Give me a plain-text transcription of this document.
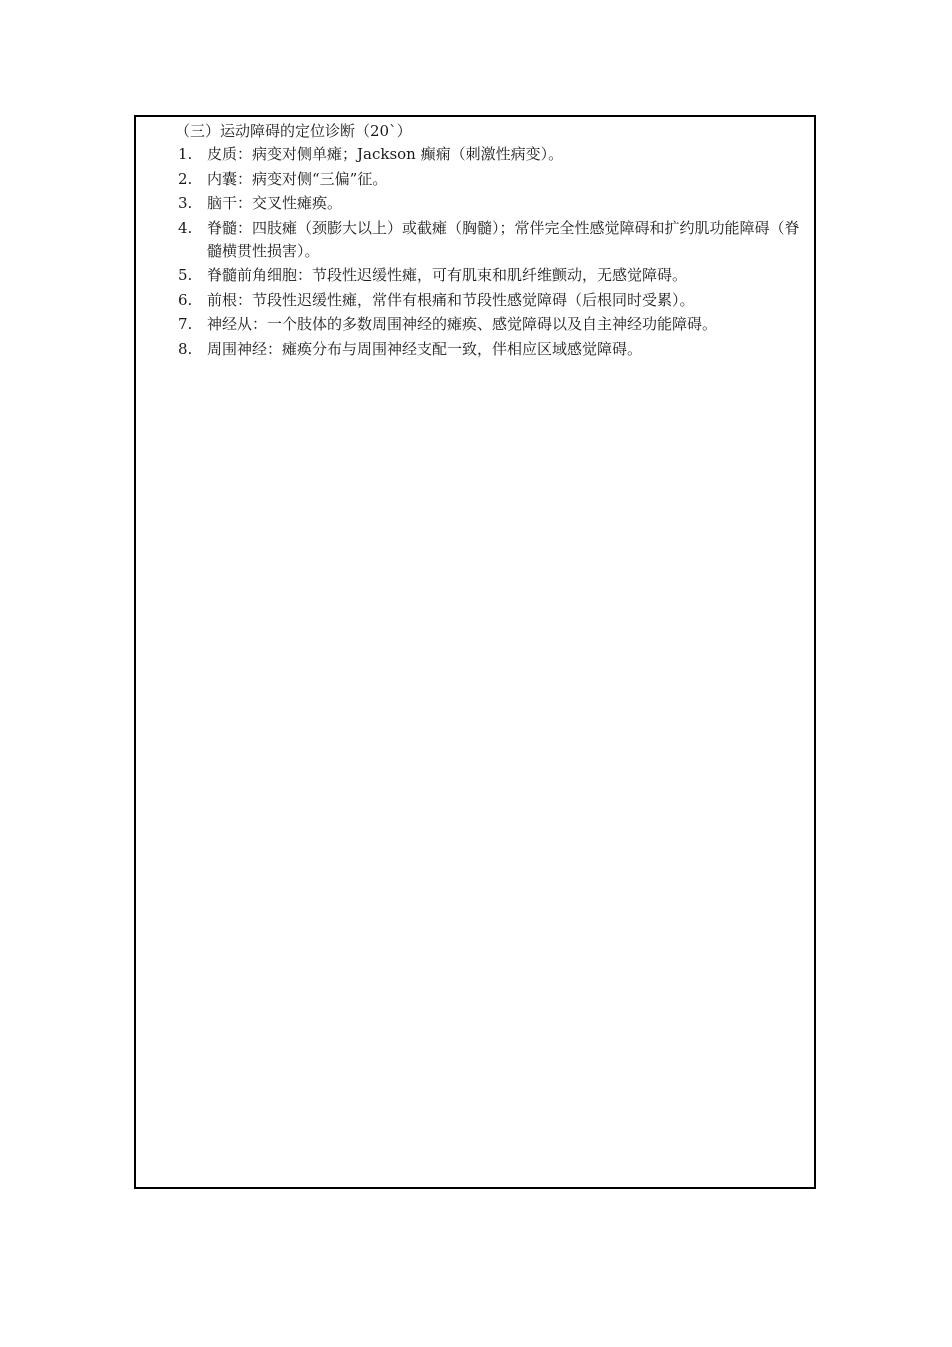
（三）运动障碍的定位诊断（20`）
1. 皮质：病变对侧单瘫；Jackson 癫痫（刺激性病变）。
2. 内囊：病变对侧“三偏”征。
3. 脑干：交叉性瘫痪。
4. 脊髓：四肢瘫（颈膨大以上）或截瘫（胸髓）；常伴完全性感觉障碍和扩约肌功能障碍（脊髓横贯性损害）。
5. 脊髓前角细胞：节段性迟缓性瘫，可有肌束和肌纤维颤动，无感觉障碍。
6. 前根：节段性迟缓性瘫，常伴有根痛和节段性感觉障碍（后根同时受累）。
7. 神经从：一个肢体的多数周围神经的瘫痪、感觉障碍以及自主神经功能障碍。
8. 周围神经：瘫痪分布与周围神经支配一致，伴相应区域感觉障碍。
